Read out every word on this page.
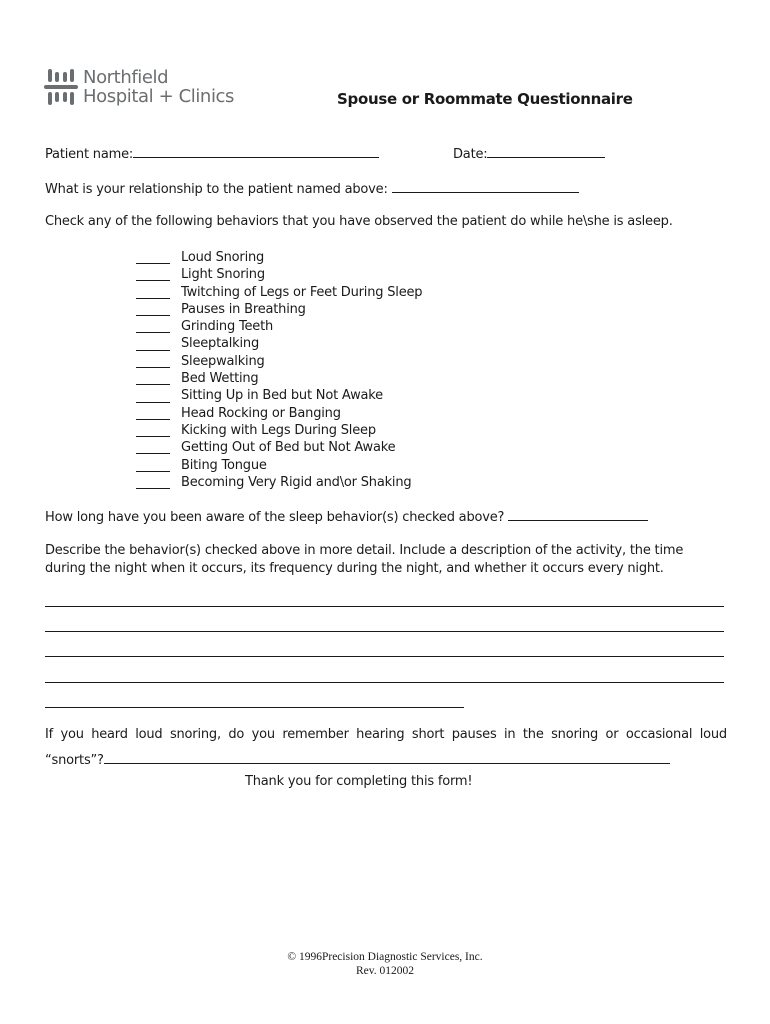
Northfield
Hospital + Clinics	Spouse or Roommate Questionnaire
Patient name:	Date:
What is your relationship to the patient named above:
Check any of the following behaviors that you have observed the patient do while he\she is asleep.
Loud Snoring
Light Snoring
Twitching of Legs or Feet During Sleep
Pauses in Breathing
Grinding Teeth
Sleeptalking
Sleepwalking
Bed Wetting
Sitting Up in Bed but Not Awake
Head Rocking or Banging
Kicking with Legs During Sleep
Getting Out of Bed but Not Awake
Biting Tongue
Becoming Very Rigid and\or Shaking
How long have you been aware of the sleep behavior(s) checked above?
Describe the behavior(s) checked above in more detail. Include a description of the activity, the time during the night when it occurs, its frequency during the night, and whether it occurs every night.
If you heard loud snoring, do you remember hearing short pauses in the snoring or occasional loud “snorts”?
Thank you for completing this form!
© 1996Precision Diagnostic Services, Inc.
Rev. 012002
